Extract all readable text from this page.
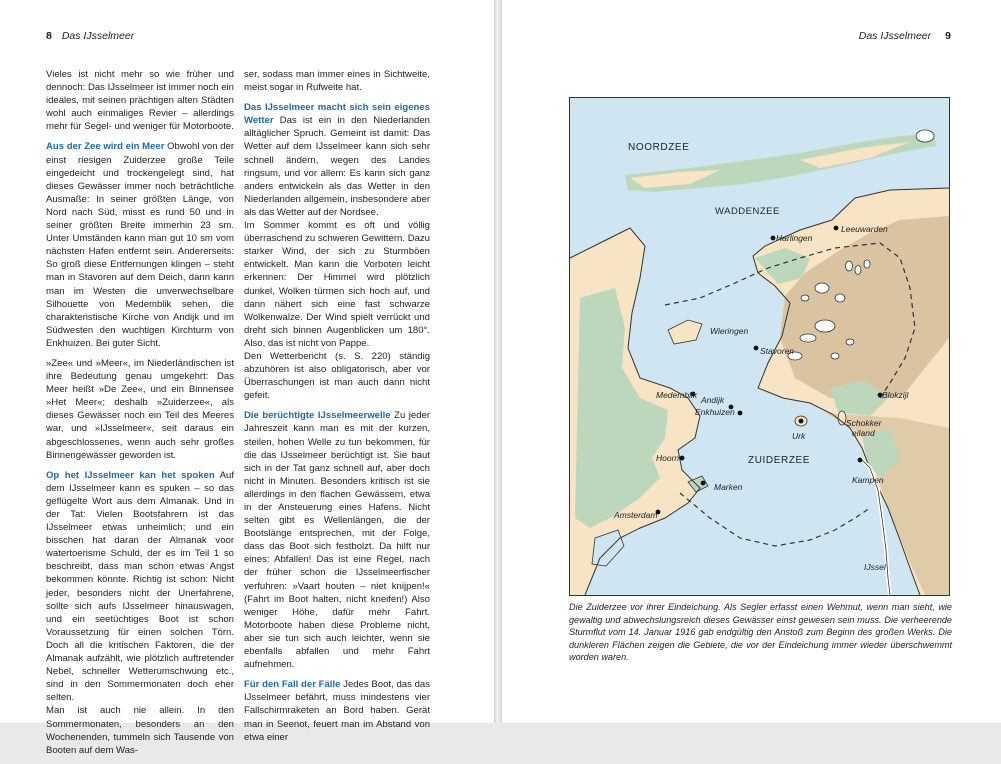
8 Das IJsselmeer

Vieles ist nicht mehr so wie früher und dennoch: Das IJsselmeer ist immer noch ein ideales, mit seinen prächtigen alten Städten wohl auch einmaliges Revier – allerdings mehr für Segel- und weniger für Motorboote.

Aus der Zee wird ein Meer Obwohl von der einst riesigen Zuiderzee große Teile eingedeicht und trockengelegt sind, hat dieses Gewässer immer noch beträchtliche Ausmaße: In seiner größten Länge, von Nord nach Süd, misst es rund 50 und in seiner größten Breite immerhin 23 sm. Unter Umständen kann man gut 10 sm vom nächsten Hafen entfernt sein. Andererseits: So groß diese Entfernungen klingen – steht man in Stavoren auf dem Deich, dann kann man im Westen die unverwechselbare Silhouette von Medemblik sehen, die charakteristische Kirche von Andijk und im Südwesten den wuchtigen Kirchturm von Enkhuizen. Bei guter Sicht.

»Zee« und »Meer«, im Niederländischen ist ihre Bedeutung genau umgekehrt: Das Meer heißt »De Zee«, und ein Binnensee »Het Meer«; deshalb »Zuiderzee«, als dieses Gewässer noch ein Teil des Meeres war, und »IJsselmeer«, seit daraus ein abgeschlossenes, wenn auch sehr großes Binnengewässer geworden ist.

Op het IJsselmeer kan het spoken Auf dem IJsselmeer kann es spuken – so das geflügelte Wort aus dem Almanak. Und in der Tat: Vielen Bootsfahrern ist das IJsselmeer etwas unheimlich; und ein bisschen hat daran der Almanak voor watertoerisme Schuld, der es im Teil 1 so beschreibt, dass man schon etwas Angst bekommen könnte. Richtig ist schon: Nicht jeder, besonders nicht der Unerfahrene, sollte sich aufs IJsselmeer hinauswagen, und ein seetüchtiges Boot ist schon Voraussetzung für einen solchen Törn. Doch all die kritischen Faktoren, die der Almanak aufzählt, wie plötzlich auftretender Nebel, schneller Wetterumschwung etc., sind in den Sommermonaten doch eher selten.

Man ist auch nie allein. In den Sommermonaten, besonders an den Wochenenden, tummeln sich Tausende von Booten auf dem Was-

ser, sodass man immer eines in Sichtweite, meist sogar in Rufweite hat.

Das IJsselmeer macht sich sein eigenes Wetter Das ist ein in den Niederlanden alltäglicher Spruch. Gemeint ist damit: Das Wetter auf dem IJsselmeer kann sich sehr schnell ändern, wegen des Landes ringsum, und vor allem: Es kann sich ganz anders entwickeln als das Wetter in den Niederlanden allgemein, insbesondere aber als das Wetter auf der Nordsee.

Im Sommer kommt es oft und völlig überraschend zu schweren Gewittern. Dazu starker Wind, der sich zu Sturmböen entwickelt. Man kann die Vorboten leicht erkennen: Der Himmel wird plötzlich dunkel, Wolken türmen sich hoch auf, und dann nähert sich eine fast schwarze Wolkenwalze. Der Wind spielt verrückt und dreht sich binnen Augenblicken um 180°. Also, das ist nicht von Pappe.

Den Wetterbericht (s. S. 220) ständig abzuhören ist also obligatorisch, aber vor Überraschungen ist man auch dann nicht gefeit.

Die berüchtigte IJsselmeerwelle Zu jeder Jahreszeit kann man es mit der kurzen, steilen, hohen Welle zu tun bekommen, für die das IJsselmeer berüchtigt ist. Sie baut sich in der Tat ganz schnell auf, aber doch nicht in Minuten. Besonders kritisch ist sie allerdings in den flachen Gewässern, etwa in der Ansteuerung eines Hafens. Nicht selten gibt es Wellenlängen, die der Bootslänge entsprechen, mit der Folge, dass das Boot sich festbolzt. Da hilft nur eines: Abfallen! Das ist eine Regel, nach der früher schon die IJsselmeerfischer verfuhren: »Vaart houten – niet knijpen!« (Fahrt im Boot halten, nicht kneifen!) Also weniger Höhe, dafür mehr Fahrt. Motorboote haben diese Probleme nicht, aber sie tun sich auch leichter, wenn sie ebenfalls abfallen und mehr Fahrt aufnehmen.

Für den Fall der Fälle Jedes Boot, das das IJsselmeer befährt, muss mindestens vier Fallschirmraketen an Bord haben. Gerät man in Seenot, feuert man im Abstand von etwa einer

Das IJsselmeer 9
NOORDZEE
WADDENZEE
ZUIDERZEE
Leeuwarden
Harlingen
Wieringen
Stavoren
Medemblik Andijk
Enkhuizen
Blokzijl
Hoorn
Urk
Schokker
eiland
Kampen
Marken
Amsterdam
IJssel
Die Zuiderzee vor ihrer Eindeichung. Als Segler erfasst einen Wehmut, wenn man sieht, wie gewaltig und abwechslungsreich dieses Gewässer einst gewesen sein muss. Die verheerende Sturmflut vom 14. Januar 1916 gab endgültig den Anstoß zum Beginn des großen Werks. Die dunkleren Flächen zeigen die Gebiete, die vor der Eindeichung immer wieder überschwemmt worden waren.
